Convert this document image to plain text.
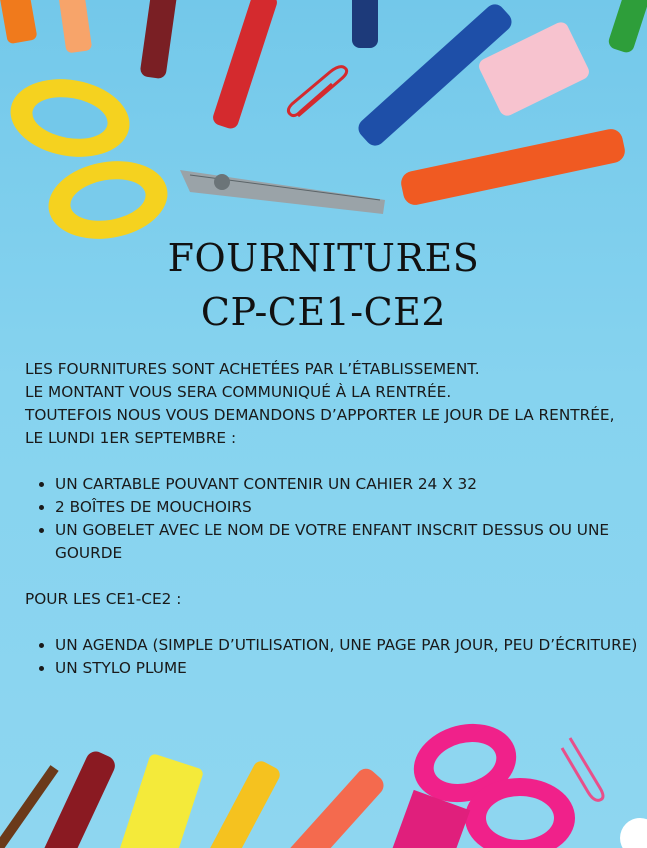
FOURNITURES
CP-CE1-CE2

LES FOURNITURES SONT ACHETÉES PAR L’ÉTABLISSEMENT.

LE MONTANT VOUS SERA COMMUNIQUÉ À LA RENTRÉE.

TOUTEFOIS NOUS VOUS DEMANDONS D’APPORTER LE JOUR DE LA RENTRÉE,

LE LUNDI 1ER SEPTEMBRE :

• UN CARTABLE POUVANT CONTENIR UN CAHIER 24 X 32
• 2 BOÎTES DE MOUCHOIRS
• UN GOBELET AVEC LE NOM DE VOTRE ENFANT INSCRIT DESSUS OU UNE GOURDE

POUR LES CE1-CE2 :

• UN AGENDA (SIMPLE D’UTILISATION, UNE PAGE PAR JOUR, PEU D’ÉCRITURE)
• UN STYLO PLUME
